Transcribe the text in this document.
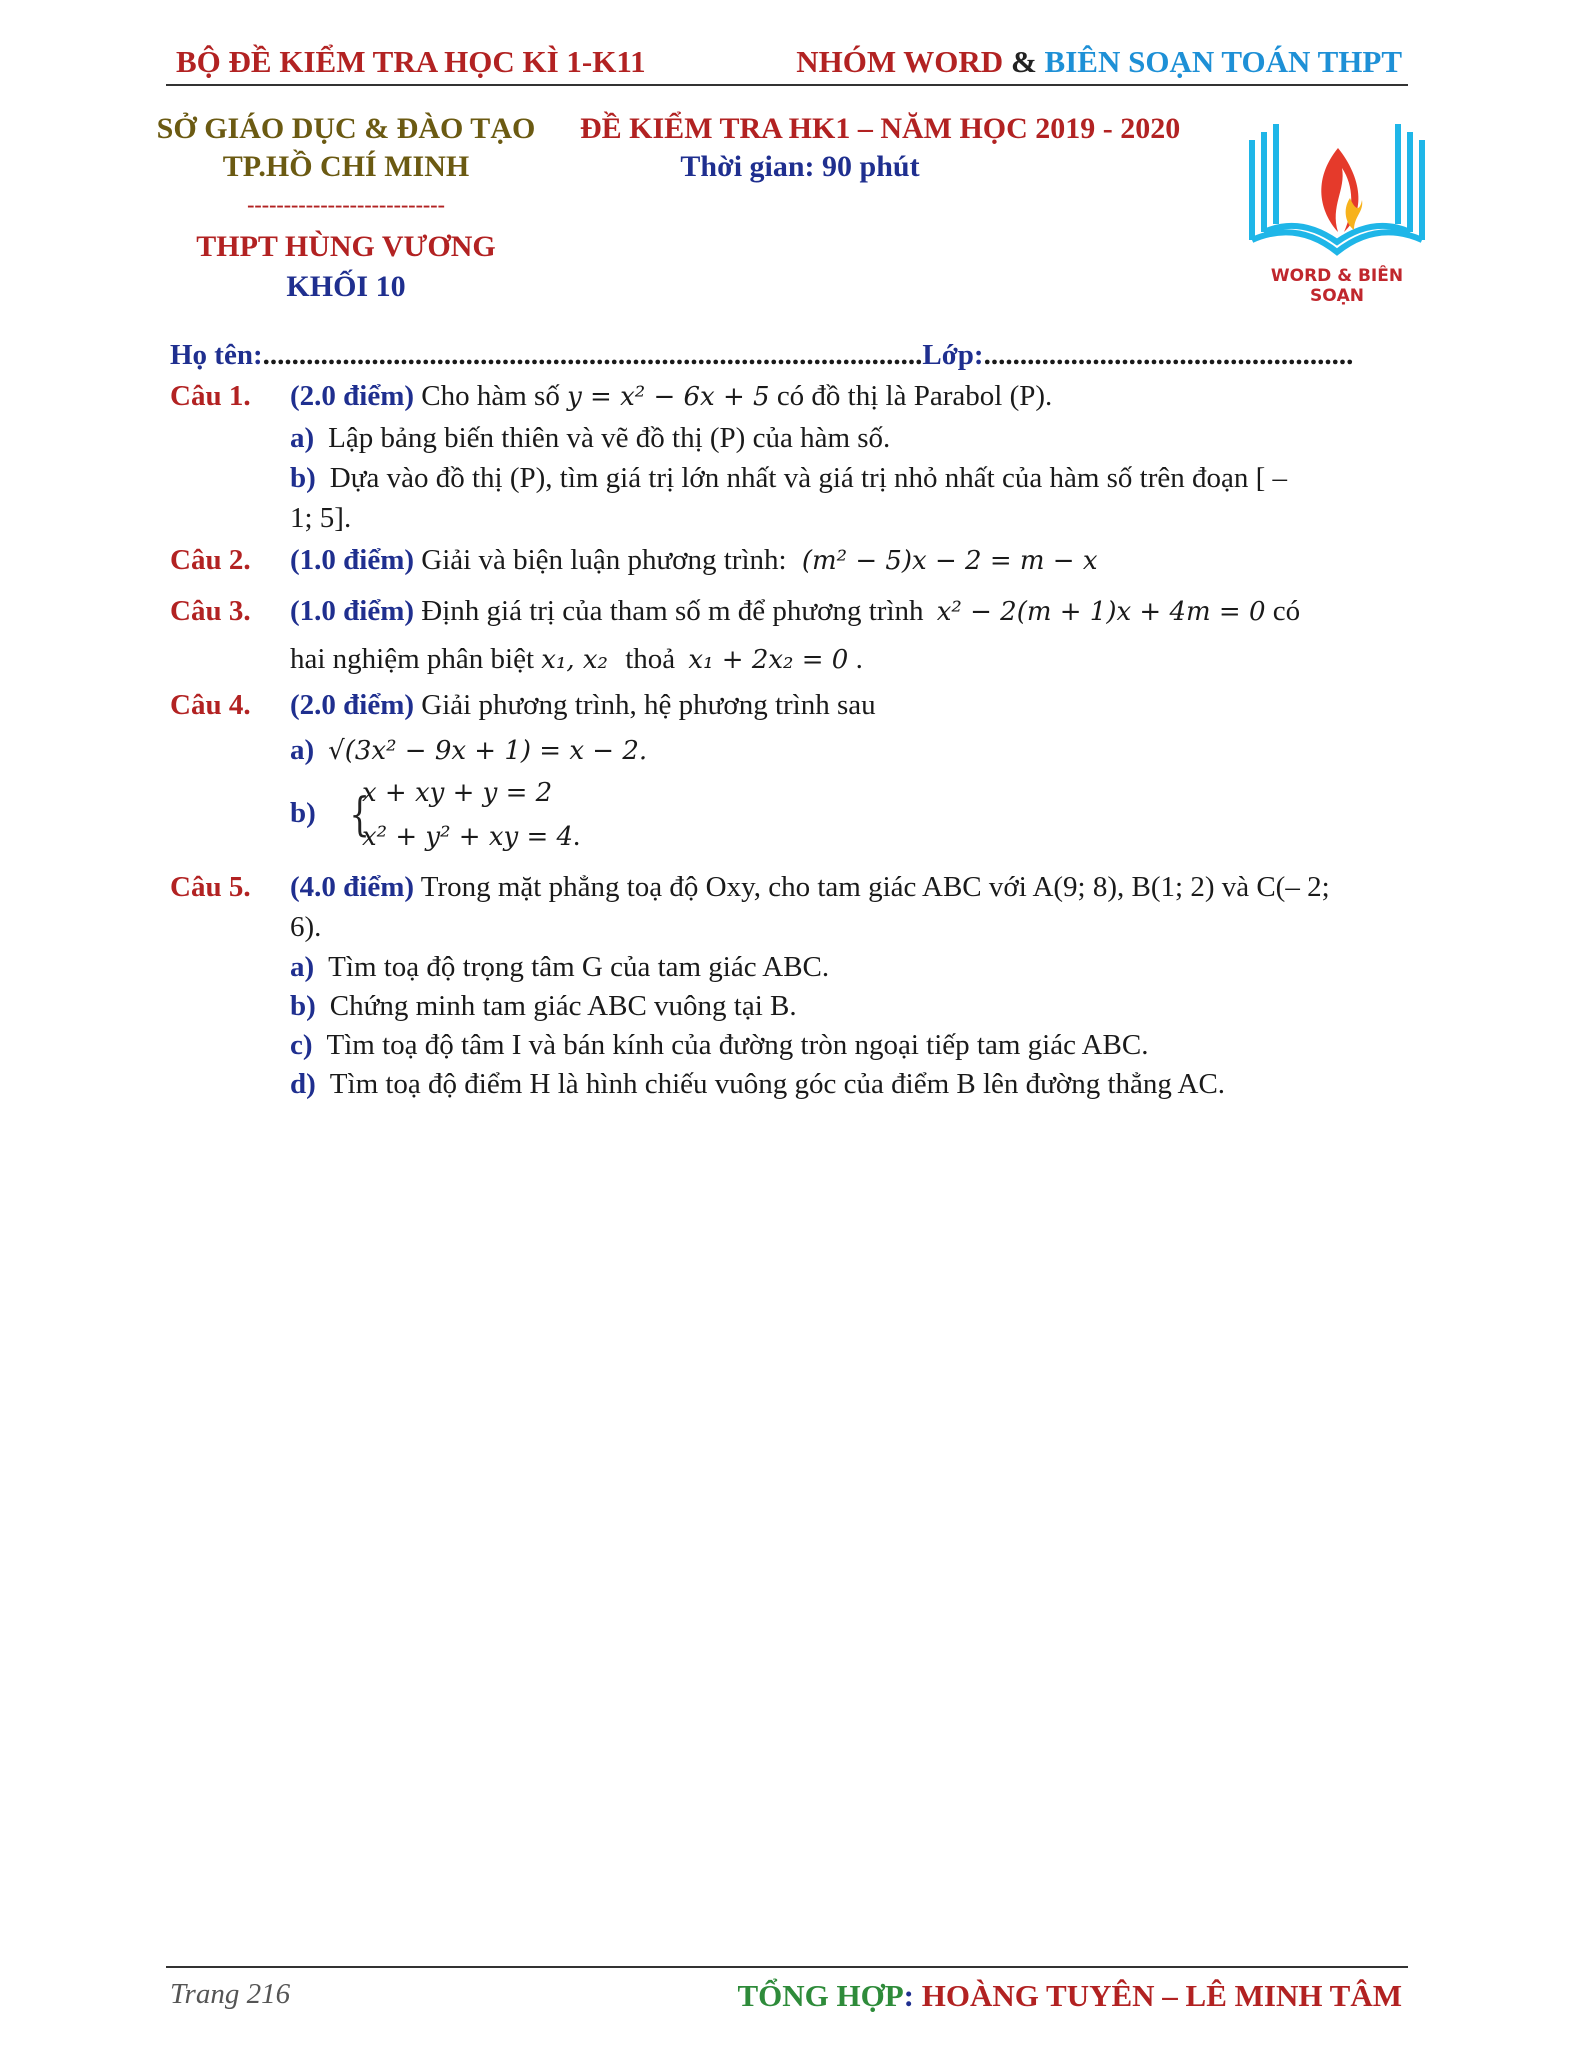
BỘ ĐỀ KIỂM TRA HỌC KÌ 1-K11	NHÓM WORD & BIÊN SOẠN TOÁN THPT
SỞ GIÁO DỤC & ĐÀO TẠO
TP.HỒ CHÍ MINH
---------------------------
THPT HÙNG VƯƠNG
KHỐI 10
ĐỀ KIỂM TRA HK1 – NĂM HỌC 2019 - 2020
Thời gian: 90 phút
WORD & BIÊN SOẠN
Họ tên:...........................................................................................Lớp:...................................................
Câu 1. (2.0 điểm) Cho hàm số y = x² − 6x + 5 có đồ thị là Parabol (P).
a) Lập bảng biến thiên và vẽ đồ thị (P) của hàm số.
b) Dựa vào đồ thị (P), tìm giá trị lớn nhất và giá trị nhỏ nhất của hàm số trên đoạn [ –
1; 5].
Câu 2. (1.0 điểm) Giải và biện luận phương trình: (m² − 5)x − 2 = m − x
Câu 3. (1.0 điểm) Định giá trị của tham số m để phương trình x² − 2(m + 1)x + 4m = 0 có
hai nghiệm phân biệt x₁, x₂ thoả x₁ + 2x₂ = 0 .
Câu 4. (2.0 điểm) Giải phương trình, hệ phương trình sau
a) √(3x² − 9x + 1) = x − 2.
b) {
x + xy + y = 2
x² + y² + xy = 4.
Câu 5. (4.0 điểm) Trong mặt phẳng toạ độ Oxy, cho tam giác ABC với A(9; 8), B(1; 2) và C(– 2;
6).
a) Tìm toạ độ trọng tâm G của tam giác ABC.
b) Chứng minh tam giác ABC vuông tại B.
c) Tìm toạ độ tâm I và bán kính của đường tròn ngoại tiếp tam giác ABC.
d) Tìm toạ độ điểm H là hình chiếu vuông góc của điểm B lên đường thẳng AC.
Trang 216	TỔNG HỢP: HOÀNG TUYÊN – LÊ MINH TÂM
